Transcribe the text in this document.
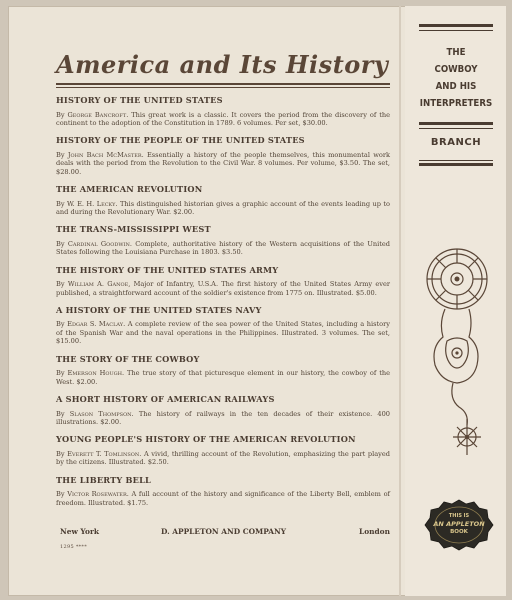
America and Its History
HISTORY OF THE UNITED STATES

By George Bancroft. This great work is a classic. It covers the period from the discovery of the continent to the adoption of the Constitution in 1789. 6 volumes. Per set, $30.00.

HISTORY OF THE PEOPLE OF THE UNITED STATES

By John Bach McMaster. Essentially a history of the people themselves, this monumental work deals with the period from the Revolution to the Civil War. 8 volumes. Per volume, $3.50. The set, $28.00.

THE AMERICAN REVOLUTION

By W. E. H. Lecky. This distinguished historian gives a graphic account of the events leading up to and during the Revolutionary War. $2.00.

THE TRANS-MISSISSIPPI WEST

By Cardinal Goodwin. Complete, authoritative history of the Western acquisitions of the United States following the Louisiana Purchase in 1803. $3.50.

THE HISTORY OF THE UNITED STATES ARMY

By William A. Ganoe, Major of Infantry, U.S.A. The first history of the United States Army ever published, a straightforward account of the soldier's existence from 1775 on. Illustrated. $5.00.

A HISTORY OF THE UNITED STATES NAVY

By Edgar S. Maclay. A complete review of the sea power of the United States, including a history of the Spanish War and the naval operations in the Philippines. Illustrated. 3 volumes. The set, $15.00.

THE STORY OF THE COWBOY

By Emerson Hough. The true story of that picturesque element in our history, the cowboy of the West. $2.00.

A SHORT HISTORY OF AMERICAN RAILWAYS

By Slason Thompson. The history of railways in the ten decades of their existence. 400 illustrations. $2.00.

YOUNG PEOPLE'S HISTORY OF THE AMERICAN REVOLUTION

By Everett T. Tomlinson. A vivid, thrilling account of the Revolution, emphasizing the part played by the citizens. Illustrated. $2.50.

THE LIBERTY BELL

By Victor Rosewater. A full account of the history and significance of the Liberty Bell, emblem of freedom. Illustrated. $1.75.

New York	D. APPLETON AND COMPANY	London
1295 ****
THE
COWBOY
AND HIS
INTERPRETERS
BRANCH
THIS IS
AN APPLETON
BOOK
